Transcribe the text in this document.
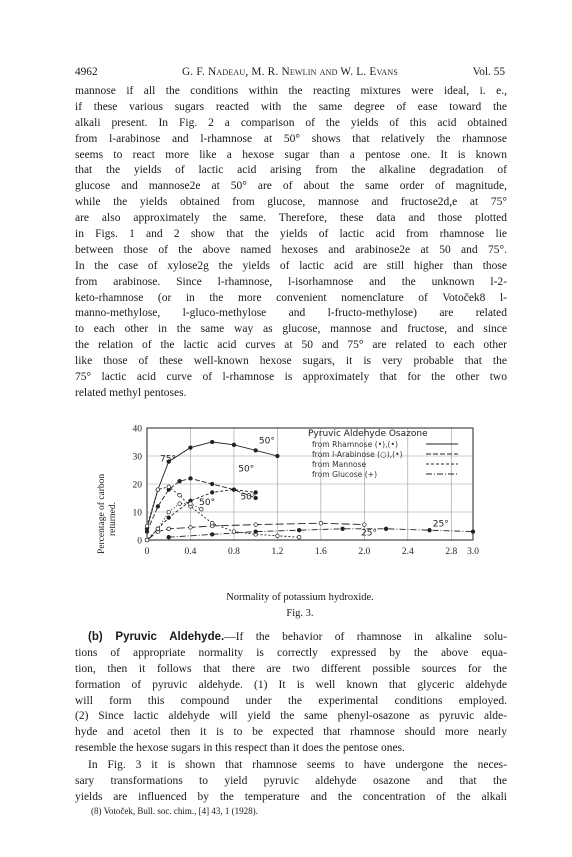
4962	G. F. Nadeau, M. R. Newlin and W. L. Evans	Vol. 55
mannose if all the conditions within the reacting mixtures were ideal, i. e.,
if these various sugars reacted with the same degree of ease toward the
alkali present. In Fig. 2 a comparison of the yields of this acid obtained
from l-arabinose and l-rhamnose at 50° shows that relatively the rhamnose
seems to react more like a hexose sugar than a pentose one. It is known
that the yields of lactic acid arising from the alkaline degradation of
glucose and mannose2e at 50° are of about the same order of magnitude,
while the yields obtained from glucose, mannose and fructose2d,e at 75°
are also approximately the same. Therefore, these data and those plotted
in Figs. 1 and 2 show that the yields of lactic acid from rhamnose lie
between those of the above named hexoses and arabinose2e at 50 and 75°.
In the case of xylose2g the yields of lactic acid are still higher than those
from arabinose. Since l-rhamnose, l-isorhamnose and the unknown l-2-
keto-rhamnose (or in the more convenient nomenclature of Votoček8 l-
manno-methylose, l-gluco-methylose and l-fructo-methylose) are related
to each other in the same way as glucose, mannose and fructose, and since
the relation of the lactic acid curves at 50 and 75° are related to each other
like those of these well-known hexose sugars, it is very probable that the
75° lactic acid curve of l-rhamnose is approximately that for the other two
related methyl pentoses.
Percentage of carbon returned.
0	0.4	0.8	1.2	1.6	2.0	2.4	2.8 3.0
0
10
20
30
40
50°
50°
50°
50°
75°
25°
25°
Pyruvic Aldehyde Osazone
from Rhamnose (•),(•)
from l-Arabinose (○),(•)
from Mannose
from Glucose (+)
Normality of potassium hydroxide.
Fig. 3.
(b) Pyruvic Aldehyde.—If the behavior of rhamnose in alkaline solu-
tions of appropriate normality is correctly expressed by the above equa-
tion, then it follows that there are two different possible sources for the
formation of pyruvic aldehyde. (1) It is well known that glyceric aldehyde
will form this compound under the experimental conditions employed.
(2) Since lactic aldehyde will yield the same phenyl-osazone as pyruvic alde-
hyde and acetol then it is to be expected that rhamnose should more nearly
resemble the hexose sugars in this respect than it does the pentose ones.
In Fig. 3 it is shown that rhamnose seems to have undergone the neces-
sary transformations to yield pyruvic aldehyde osazone and that the
yields are influenced by the temperature and the concentration of the alkali
(8) Votoček, Bull. soc. chim., [4] 43, 1 (1928).
